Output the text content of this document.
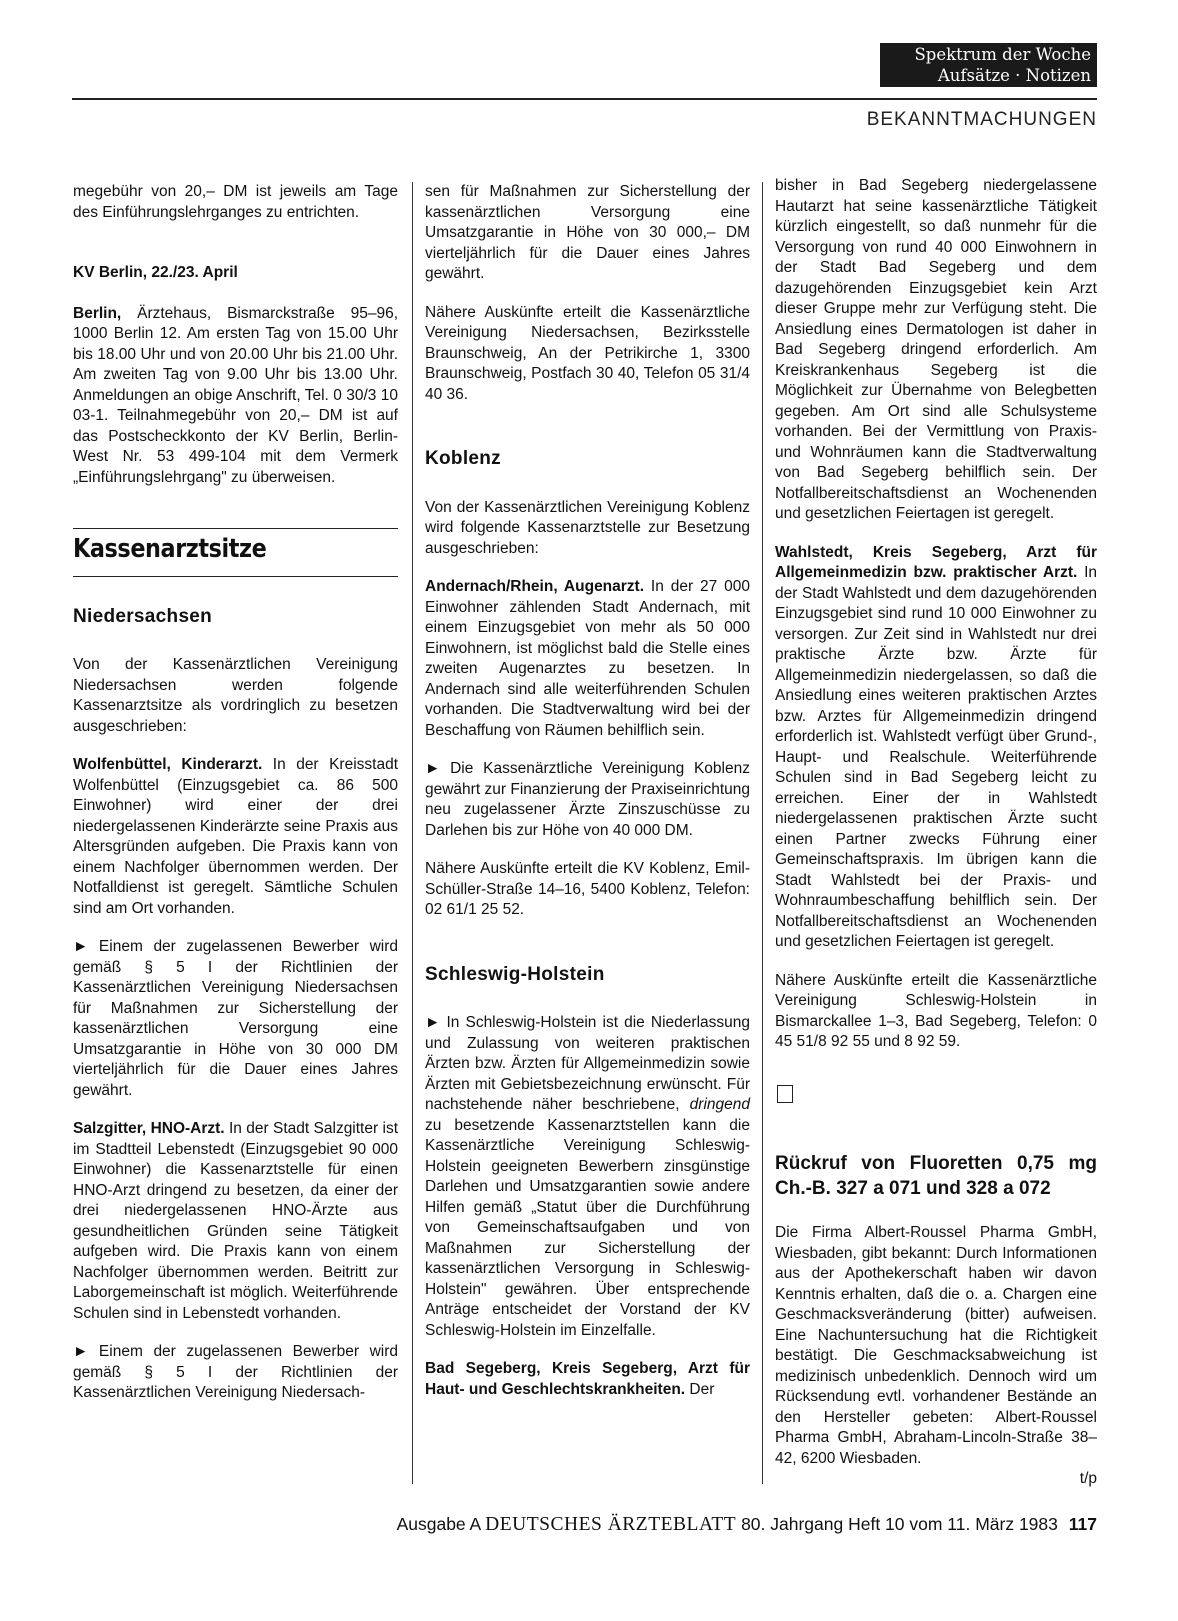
Spektrum der Woche
Aufsätze · Notizen
BEKANNTMACHUNGEN

megebühr von 20,– DM ist jeweils am Tage des Einführungslehrganges zu entrichten.

KV Berlin, 22./23. April

Berlin, Ärztehaus, Bismarckstraße 95–96, 1000 Berlin 12. Am ersten Tag von 15.00 Uhr bis 18.00 Uhr und von 20.00 Uhr bis 21.00 Uhr. Am zweiten Tag von 9.00 Uhr bis 13.00 Uhr. Anmeldungen an obige Anschrift, Tel. 0 30/3 10 03-1. Teilnahmegebühr von 20,– DM ist auf das Postscheckkonto der KV Berlin, Berlin-West Nr. 53 499-104 mit dem Vermerk „Einführungslehrgang" zu überweisen.

Kassenarztsitze
Niedersachsen

Von der Kassenärztlichen Vereinigung Niedersachsen werden folgende Kassenarztsitze als vordringlich zu besetzen ausgeschrieben:

Wolfenbüttel, Kinderarzt. In der Kreisstadt Wolfenbüttel (Einzugsgebiet ca. 86 500 Einwohner) wird einer der drei niedergelassenen Kinderärzte seine Praxis aus Altersgründen aufgeben. Die Praxis kann von einem Nachfolger übernommen werden. Der Notfalldienst ist geregelt. Sämtliche Schulen sind am Ort vorhanden.

► Einem der zugelassenen Bewerber wird gemäß § 5 I der Richtlinien der Kassenärztlichen Vereinigung Niedersachsen für Maßnahmen zur Sicherstellung der kassenärztlichen Versorgung eine Umsatzgarantie in Höhe von 30 000 DM vierteljährlich für die Dauer eines Jahres gewährt.

Salzgitter, HNO-Arzt. In der Stadt Salzgitter ist im Stadtteil Lebenstedt (Einzugsgebiet 90 000 Einwohner) die Kassenarztstelle für einen HNO-Arzt dringend zu besetzen, da einer der drei niedergelassenen HNO-Ärzte aus gesundheitlichen Gründen seine Tätigkeit aufgeben wird. Die Praxis kann von einem Nachfolger übernommen werden. Beitritt zur Laborgemeinschaft ist möglich. Weiterführende Schulen sind in Lebenstedt vorhanden.

► Einem der zugelassenen Bewerber wird gemäß § 5 I der Richtlinien der Kassenärztlichen Vereinigung Niedersach-

sen für Maßnahmen zur Sicherstellung der kassenärztlichen Versorgung eine Umsatzgarantie in Höhe von 30 000,– DM vierteljährlich für die Dauer eines Jahres gewährt.

Nähere Auskünfte erteilt die Kassenärztliche Vereinigung Niedersachsen, Bezirksstelle Braunschweig, An der Petrikirche 1, 3300 Braunschweig, Postfach 30 40, Telefon 05 31/4 40 36.

Koblenz

Von der Kassenärztlichen Vereinigung Koblenz wird folgende Kassenarztstelle zur Besetzung ausgeschrieben:

Andernach/Rhein, Augenarzt. In der 27 000 Einwohner zählenden Stadt Andernach, mit einem Einzugsgebiet von mehr als 50 000 Einwohnern, ist möglichst bald die Stelle eines zweiten Augenarztes zu besetzen. In Andernach sind alle weiterführenden Schulen vorhanden. Die Stadtverwaltung wird bei der Beschaffung von Räumen behilflich sein.

► Die Kassenärztliche Vereinigung Koblenz gewährt zur Finanzierung der Praxiseinrichtung neu zugelassener Ärzte Zinszuschüsse zu Darlehen bis zur Höhe von 40 000 DM.

Nähere Auskünfte erteilt die KV Koblenz, Emil-Schüller-Straße 14–16, 5400 Koblenz, Telefon: 02 61/1 25 52.

Schleswig-Holstein

► In Schleswig-Holstein ist die Niederlassung und Zulassung von weiteren praktischen Ärzten bzw. Ärzten für Allgemeinmedizin sowie Ärzten mit Gebietsbezeichnung erwünscht. Für nachstehende näher beschriebene, dringend zu besetzende Kassenarztstellen kann die Kassenärztliche Vereinigung Schleswig-Holstein geeigneten Bewerbern zinsgünstige Darlehen und Umsatzgarantien sowie andere Hilfen gemäß „Statut über die Durchführung von Gemeinschaftsaufgaben und von Maßnahmen zur Sicherstellung der kassenärztlichen Versorgung in Schleswig-Holstein" gewähren. Über entsprechende Anträge entscheidet der Vorstand der KV Schleswig-Holstein im Einzelfalle.

Bad Segeberg, Kreis Segeberg, Arzt für Haut- und Geschlechtskrankheiten. Der

bisher in Bad Segeberg niedergelassene Hautarzt hat seine kassenärztliche Tätigkeit kürzlich eingestellt, so daß nunmehr für die Versorgung von rund 40 000 Einwohnern in der Stadt Bad Segeberg und dem dazugehörenden Einzugsgebiet kein Arzt dieser Gruppe mehr zur Verfügung steht. Die Ansiedlung eines Dermatologen ist daher in Bad Segeberg dringend erforderlich. Am Kreiskrankenhaus Segeberg ist die Möglichkeit zur Übernahme von Belegbetten gegeben. Am Ort sind alle Schulsysteme vorhanden. Bei der Vermittlung von Praxis- und Wohnräumen kann die Stadtverwaltung von Bad Segeberg behilflich sein. Der Notfallbereitschaftsdienst an Wochenenden und gesetzlichen Feiertagen ist geregelt.

Wahlstedt, Kreis Segeberg, Arzt für Allgemeinmedizin bzw. praktischer Arzt. In der Stadt Wahlstedt und dem dazugehörenden Einzugsgebiet sind rund 10 000 Einwohner zu versorgen. Zur Zeit sind in Wahlstedt nur drei praktische Ärzte bzw. Ärzte für Allgemeinmedizin niedergelassen, so daß die Ansiedlung eines weiteren praktischen Arztes bzw. Arztes für Allgemeinmedizin dringend erforderlich ist. Wahlstedt verfügt über Grund-, Haupt- und Realschule. Weiterführende Schulen sind in Bad Segeberg leicht zu erreichen. Einer der in Wahlstedt niedergelassenen praktischen Ärzte sucht einen Partner zwecks Führung einer Gemeinschaftspraxis. Im übrigen kann die Stadt Wahlstedt bei der Praxis- und Wohnraumbeschaffung behilflich sein. Der Notfallbereitschaftsdienst an Wochenenden und gesetzlichen Feiertagen ist geregelt.

Nähere Auskünfte erteilt die Kassenärztliche Vereinigung Schleswig-Holstein in Bismarckallee 1–3, Bad Segeberg, Telefon: 0 45 51/8 92 55 und 8 92 59.

Rückruf von Fluoretten 0,75 mg Ch.-B. 327 a 071 und 328 a 072

Die Firma Albert-Roussel Pharma GmbH, Wiesbaden, gibt bekannt: Durch Informationen aus der Apothekerschaft haben wir davon Kenntnis erhalten, daß die o. a. Chargen eine Geschmacksveränderung (bitter) aufweisen. Eine Nachuntersuchung hat die Richtigkeit bestätigt. Die Geschmacksabweichung ist medizinisch unbedenklich. Dennoch wird um Rücksendung evtl. vorhandener Bestände an den Hersteller gebeten: Albert-Roussel Pharma GmbH, Abraham-Lincoln-Straße 38–42, 6200 Wiesbaden.

t/p
Ausgabe A DEUTSCHES ÄRZTEBLATT 80. Jahrgang Heft 10 vom 11. März 1983 117
